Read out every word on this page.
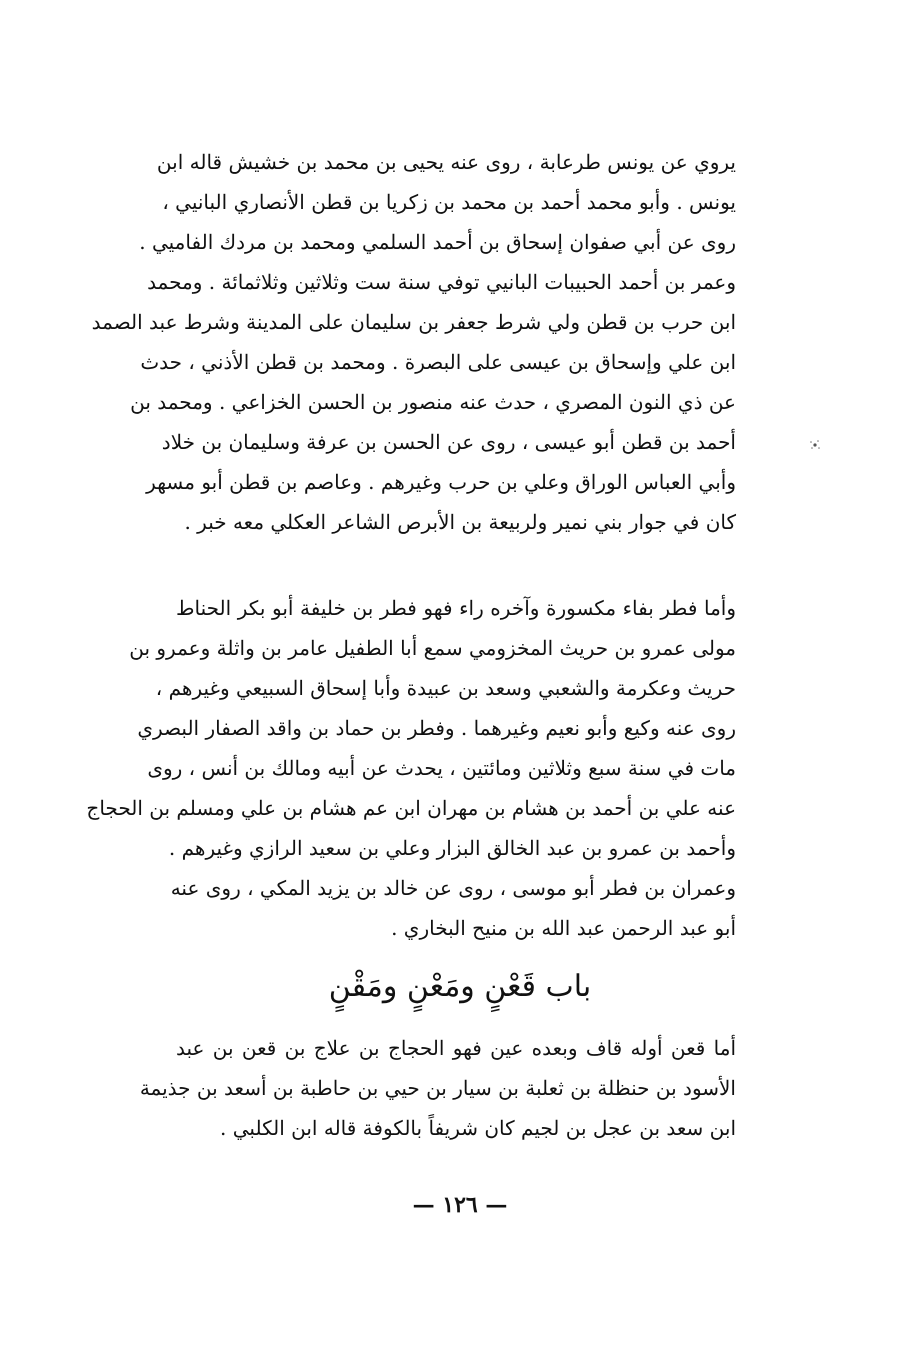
يروي عن يونس طرعابة ، روى عنه يحيى بن محمد بن خشيش قاله ابن
يونس . وأبو محمد أحمد بن محمد بن زكريا بن قطن الأنصاري البانيي ،
روى عن أبي صفوان إسحاق بن أحمد السلمي ومحمد بن مردك الفاميي .
وعمر بن أحمد الحبيبات البانيي توفي سنة ست وثلاثين وثلاثمائة . ومحمد
ابن حرب بن قطن ولي شرط جعفر بن سليمان على المدينة وشرط عبد الصمد
ابن علي وإسحاق بن عيسى على البصرة . ومحمد بن قطن الأذني ، حدث
عن ذي النون المصري ، حدث عنه منصور بن الحسن الخزاعي . ومحمد بن
أحمد بن قطن أبو عيسى ، روى عن الحسن بن عرفة وسليمان بن خلاد
وأبي العباس الوراق وعلي بن حرب وغيرهم . وعاصم بن قطن أبو مسهر
كان في جوار بني نمير ولربيعة بن الأبرص الشاعر العكلي معه خبر .
وأما فطر بفاء مكسورة وآخره راء فهو فطر بن خليفة أبو بكر الحناط
مولى عمرو بن حريث المخزومي سمع أبا الطفيل عامر بن واثلة وعمرو بن
حريث وعكرمة والشعبي وسعد بن عبيدة وأبا إسحاق السبيعي وغيرهم ،
روى عنه وكيع وأبو نعيم وغيرهما . وفطر بن حماد بن واقد الصفار البصري
مات في سنة سبع وثلاثين ومائتين ، يحدث عن أبيه ومالك بن أنس ، روى
عنه علي بن أحمد بن هشام بن مهران ابن عم هشام بن علي ومسلم بن الحجاج
وأحمد بن عمرو بن عبد الخالق البزار وعلي بن سعيد الرازي وغيرهم .
وعمران بن فطر أبو موسى ، روى عن خالد بن يزيد المكي ، روى عنه
أبو عبد الرحمن عبد الله بن منيح البخاري .
باب قَعْنٍ ومَعْنٍ ومَقْنٍ
أما قعن أوله قاف وبعده عين فهو الحجاج بن علاج بن قعن بن عبد
الأسود بن حنظلة بن ثعلبة بن سيار بن حيي بن حاطبة بن أسعد بن جذيمة
ابن سعد بن عجل بن لجيم كان شريفاً بالكوفة قاله ابن الكلبي .
— ١٢٦ —
